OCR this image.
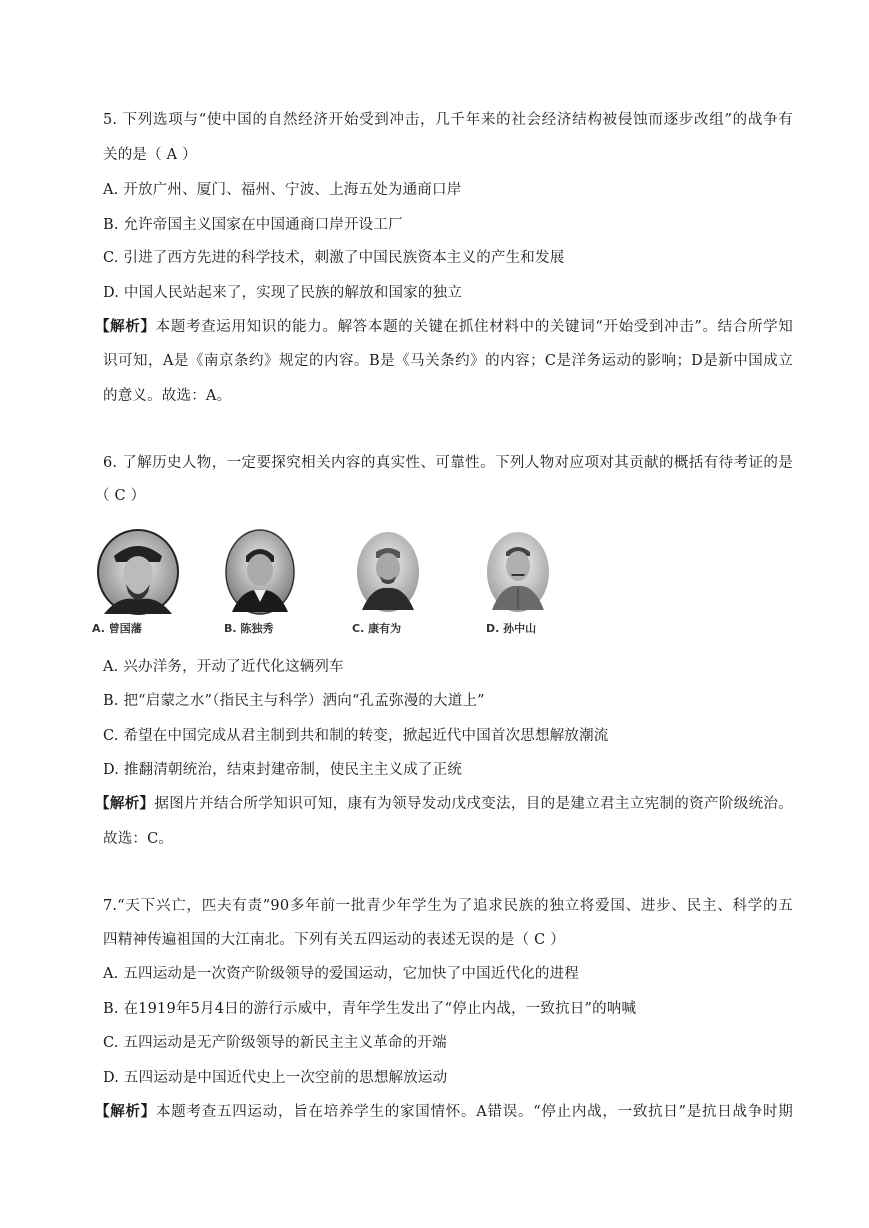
5. 下列选项与“使中国的自然经济开始受到冲击，几千年来的社会经济结构被侵蚀而逐步改组”的战争有
关的是（ A ）
A. 开放广州、厦门、福州、宁波、上海五处为通商口岸
B. 允许帝国主义国家在中国通商口岸开设工厂
C. 引进了西方先进的科学技术，刺激了中国民族资本主义的产生和发展
D. 中国人民站起来了，实现了民族的解放和国家的独立
【解析】本题考查运用知识的能力。解答本题的关键在抓住材料中的关键词“开始受到冲击”。结合所学知
识可知，A是《南京条约》规定的内容。B是《马关条约》的内容；C是洋务运动的影响；D是新中国成立
的意义。故选：A。
6. 了解历史人物，一定要探究相关内容的真实性、可靠性。下列人物对应项对其贡献的概括有待考证的是
（ C ）
A. 曾国藩	B. 陈独秀	C. 康有为	D. 孙中山
A. 兴办洋务，开动了近代化这辆列车
B. 把“启蒙之水”（指民主与科学）洒向“孔孟弥漫的大道上”
C. 希望在中国完成从君主制到共和制的转变，掀起近代中国首次思想解放潮流
D. 推翻清朝统治，结束封建帝制，使民主主义成了正统
【解析】据图片并结合所学知识可知，康有为领导发动戊戌变法，目的是建立君主立宪制的资产阶级统治。
故选：C。
7.“天下兴亡，匹夫有责”90多年前一批青少年学生为了追求民族的独立将爱国、进步、民主、科学的五
四精神传遍祖国的大江南北。下列有关五四运动的表述无误的是（ C ）
A. 五四运动是一次资产阶级领导的爱国运动，它加快了中国近代化的进程
B. 在1919年5月4日的游行示威中，青年学生发出了“停止内战，一致抗日”的呐喊
C. 五四运动是无产阶级领导的新民主主义革命的开端
D. 五四运动是中国近代史上一次空前的思想解放运动
【解析】本题考查五四运动，旨在培养学生的家国情怀。A错误。“停止内战，一致抗日”是抗日战争时期
